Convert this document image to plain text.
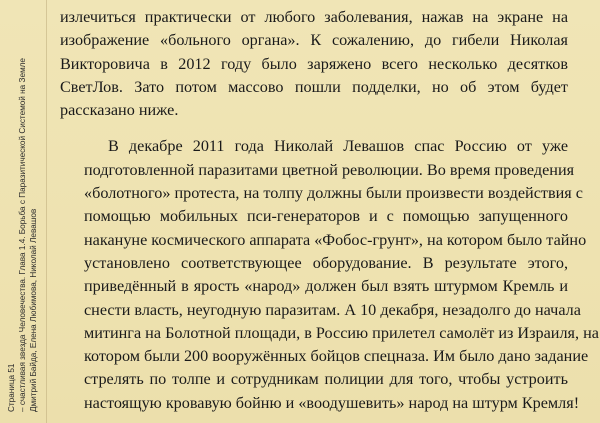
Страница 51 – счастливая звезда Человечества. Глава 1.4. Борьба с Паразитической Системой на Земле Дмитрий Байда, Елена Любимова, Николай Левашов

излечиться практически от любого заболевания, нажав на экране на
изображение «больного органа». К сожалению, до гибели Николая
Викторовича в 2012 году было заряжено всего несколько десятков
СветЛов. Зато потом массово пошли подделки, но об этом будет
рассказано ниже.

В декабре 2011 года Николай Левашов спас Россию от уже
подготовленной паразитами цветной революции. Во время проведения
«болотного» протеста, на толпу должны были произвести воздействия с
помощью мобильных пси-генераторов и с помощью запущенного
накануне космического аппарата «Фобос-грунт», на котором было тайно
установлено соответствующее оборудование. В результате этого,
приведённый в ярость «народ» должен был взять штурмом Кремль и
снести власть, неугодную паразитам. А 10 декабря, незадолго до начала
митинга на Болотной площади, в Россию прилетел самолёт из Израиля, на
котором были 200 вооружённых бойцов спецназа. Им было дано задание
стрелять по толпе и сотрудникам полиции для того, чтобы устроить
настоящую кровавую бойню и «воодушевить» народ на штурм Кремля!
